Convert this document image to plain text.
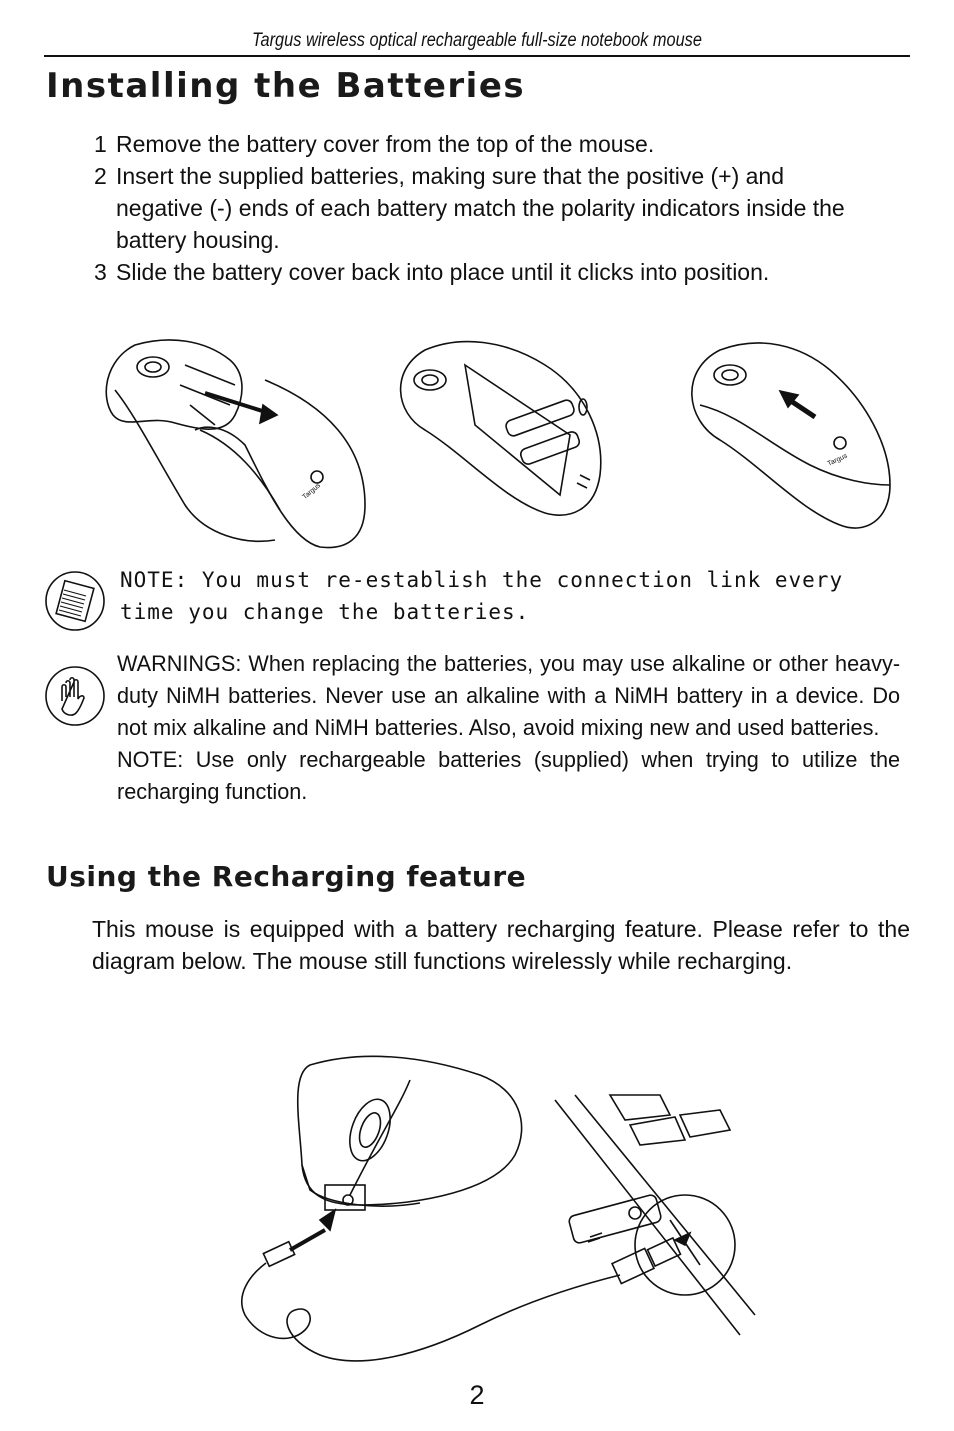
Targus wireless optical rechargeable full-size notebook mouse
Installing the Batteries
1 Remove the battery cover from the top of the mouse.
2 Insert the supplied batteries, making sure that the positive (+) and negative (-) ends of each battery match the polarity indicators inside the battery housing.
3 Slide the battery cover back into place until it clicks into position.
Targus
Targus
NOTE: You must re-establish the connection link every time you change the batteries.

WARNINGS: When replacing the batteries, you may use alkaline or other heavy-duty NiMH batteries. Never use an alkaline with a NiMH battery in a device. Do not mix alkaline and NiMH batteries. Also, avoid mixing new and used batteries.

NOTE: Use only rechargeable batteries (supplied) when trying to utilize the recharging function.

Using the Recharging feature
This mouse is equipped with a battery recharging feature. Please refer to the diagram below. The mouse still functions wirelessly while recharging.
2
